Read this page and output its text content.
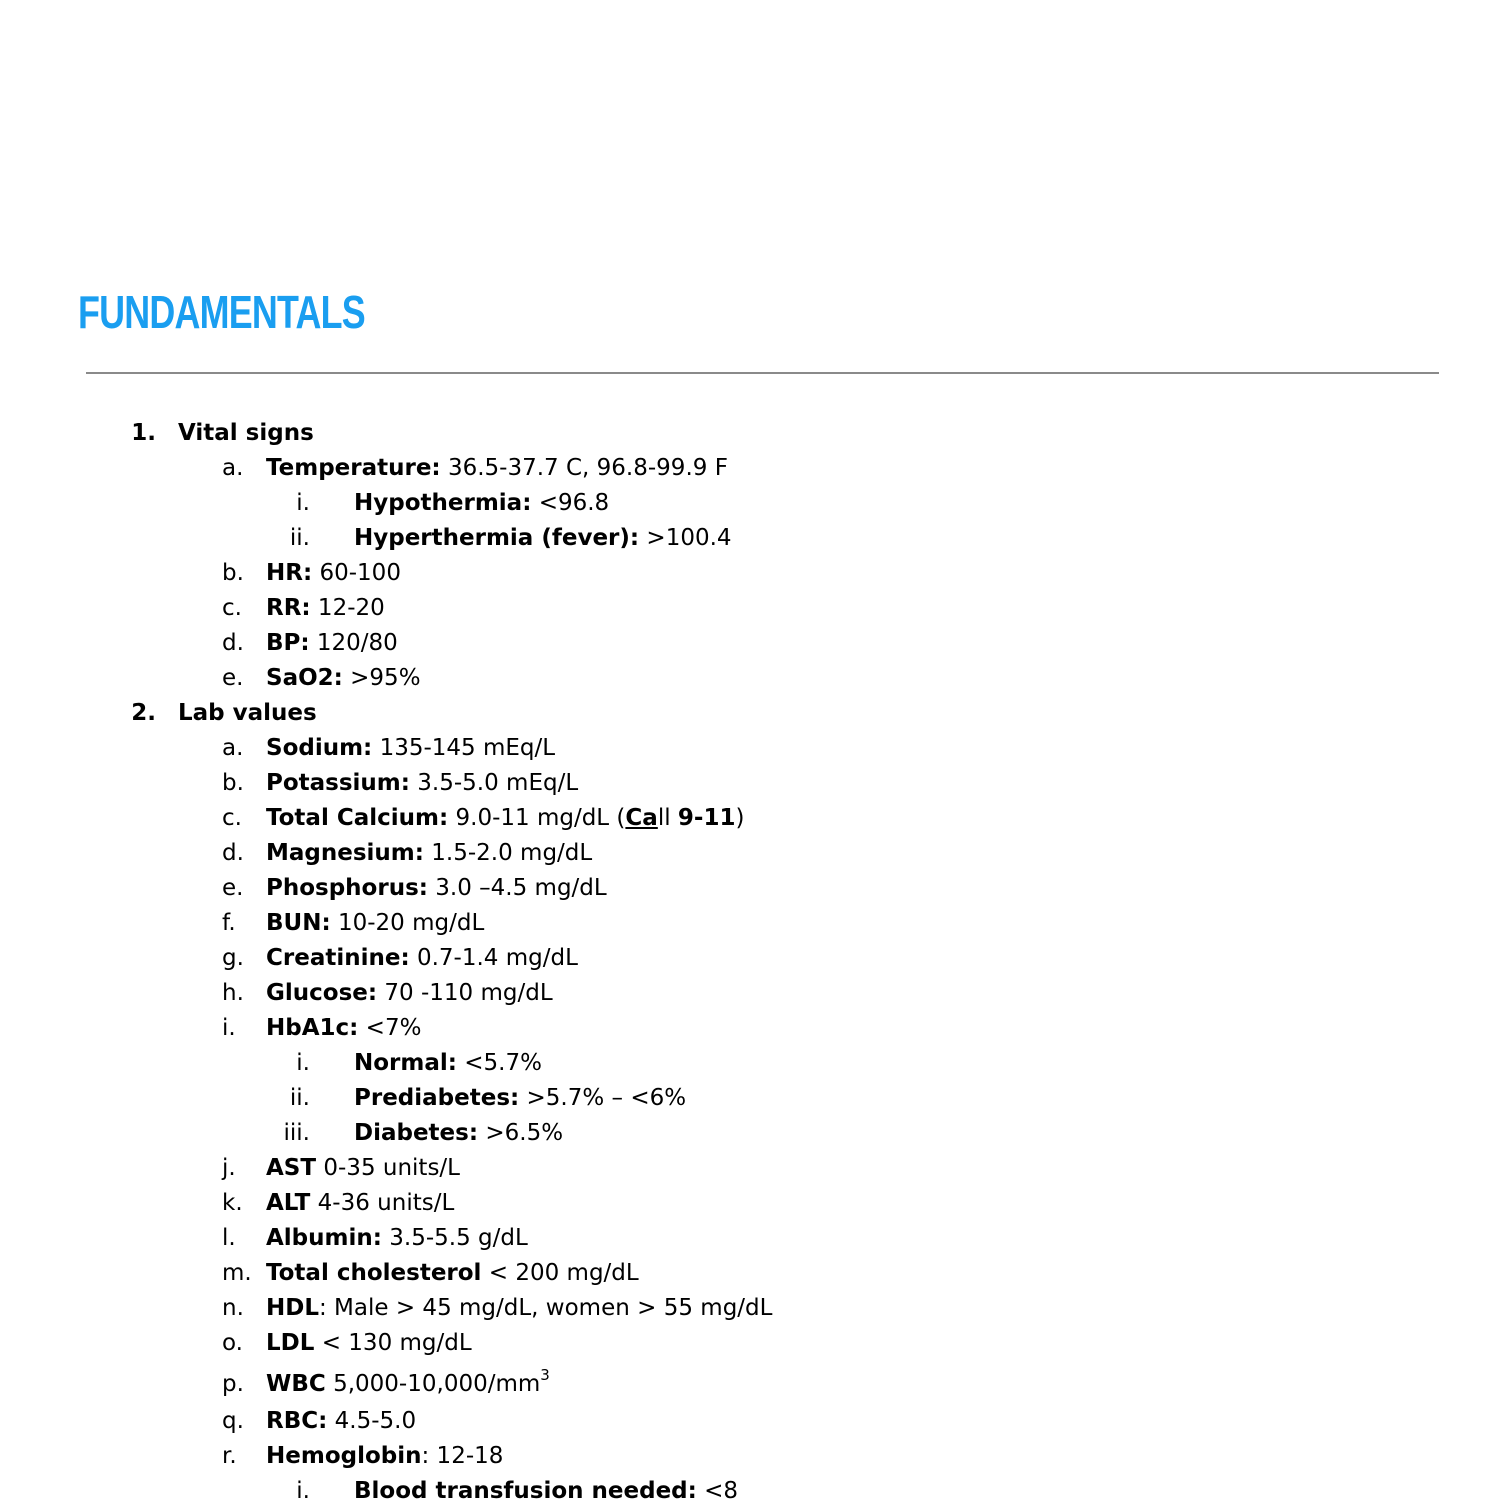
FUNDAMENTALS
1. Vital signs
a. Temperature: 36.5-37.7 C, 96.8-99.9 F
i. Hypothermia: <96.8
ii. Hyperthermia (fever): >100.4
b. HR: 60-100
c. RR: 12-20
d. BP: 120/80
e. SaO2: >95%
2. Lab values
a. Sodium: 135-145 mEq/L
b. Potassium: 3.5-5.0 mEq/L
c. Total Calcium: 9.0-11 mg/dL (Call 9-11)
d. Magnesium: 1.5-2.0 mg/dL
e. Phosphorus: 3.0 –4.5 mg/dL
f.	BUN: 10-20 mg/dL
g. Creatinine: 0.7-1.4 mg/dL
h. Glucose: 70 -110 mg/dL
i.	HbA1c: <7%
i. Normal: <5.7%
ii. Prediabetes: >5.7% – <6%
iii. Diabetes: >6.5%
j.	AST 0-35 units/L
k. ALT 4-36 units/L
l.	Albumin: 3.5-5.5 g/dL
m. Total cholesterol < 200 mg/dL
n. HDL: Male > 45 mg/dL, women > 55 mg/dL
o. LDL < 130 mg/dL
p. WBC $5,000-10,000/mm^3$
q. RBC: 4.5-5.0
r.	Hemoglobin: 12-18
i. Blood transfusion needed: <8
